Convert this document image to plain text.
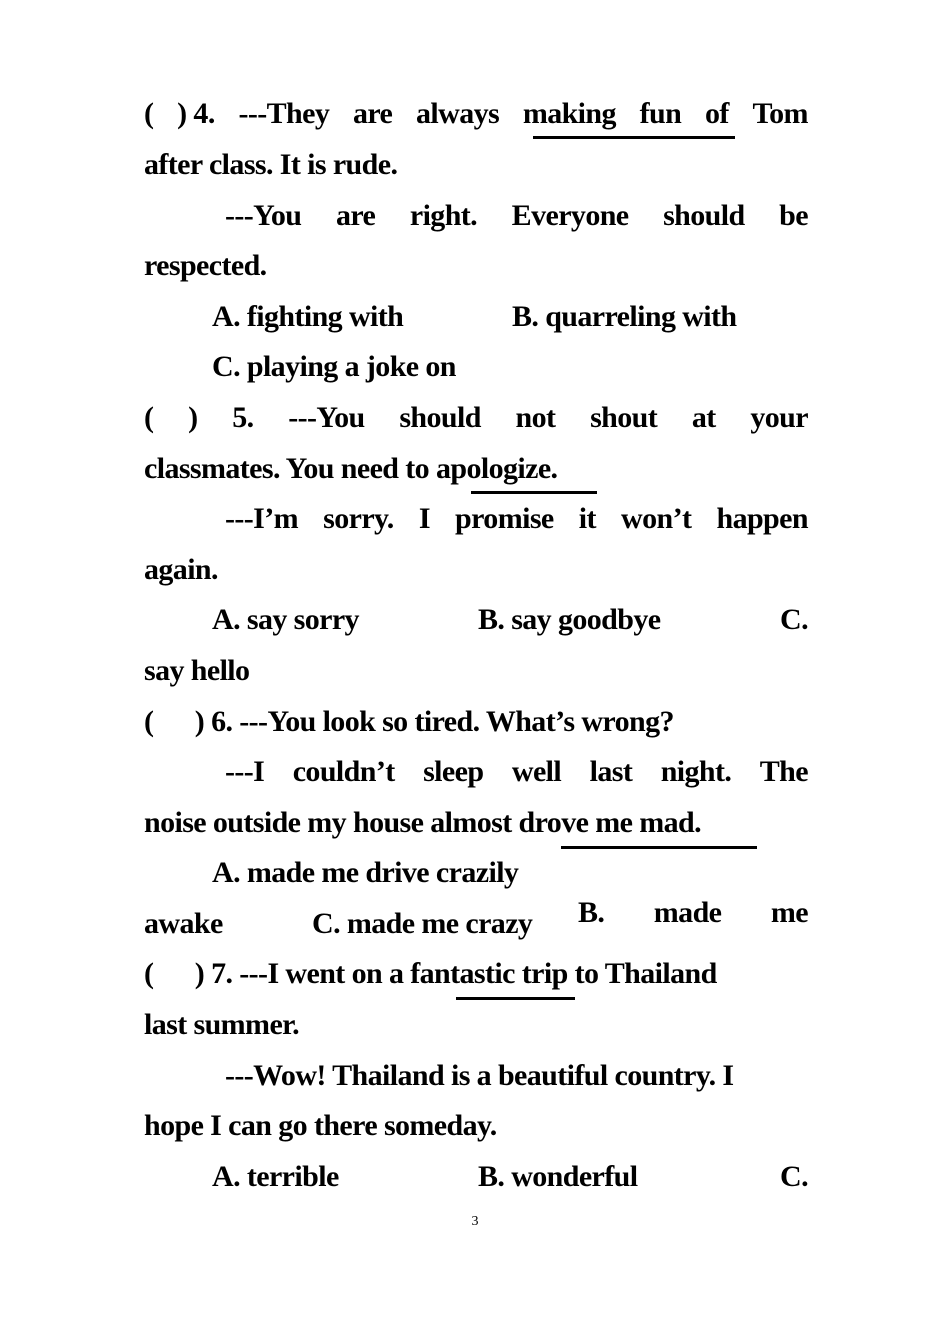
( ) 4. ---They are always making fun of Tom
after class. It is rude.
---You are right. Everyone should be
respected.
A. fighting with	B. quarreling with
C. playing a joke on
( ) 5. ---You should not shout at your
classmates. You need to apologize.
---I’m sorry. I promise it won’t happen
again.
A. say sorry	B. say goodbye	C.
say hello
(      ) 6. ---You look so tired. What’s wrong?
---I couldn’t sleep well last night. The
noise outside my house almost drove me mad.
A. made me drive crazily
B. made me
awake	C. made me crazy
(      ) 7. ---I went on a fantastic trip to Thailand
last summer.
---Wow! Thailand is a beautiful country. I
hope I can go there someday.
A. terrible	B. wonderful	C.
3
